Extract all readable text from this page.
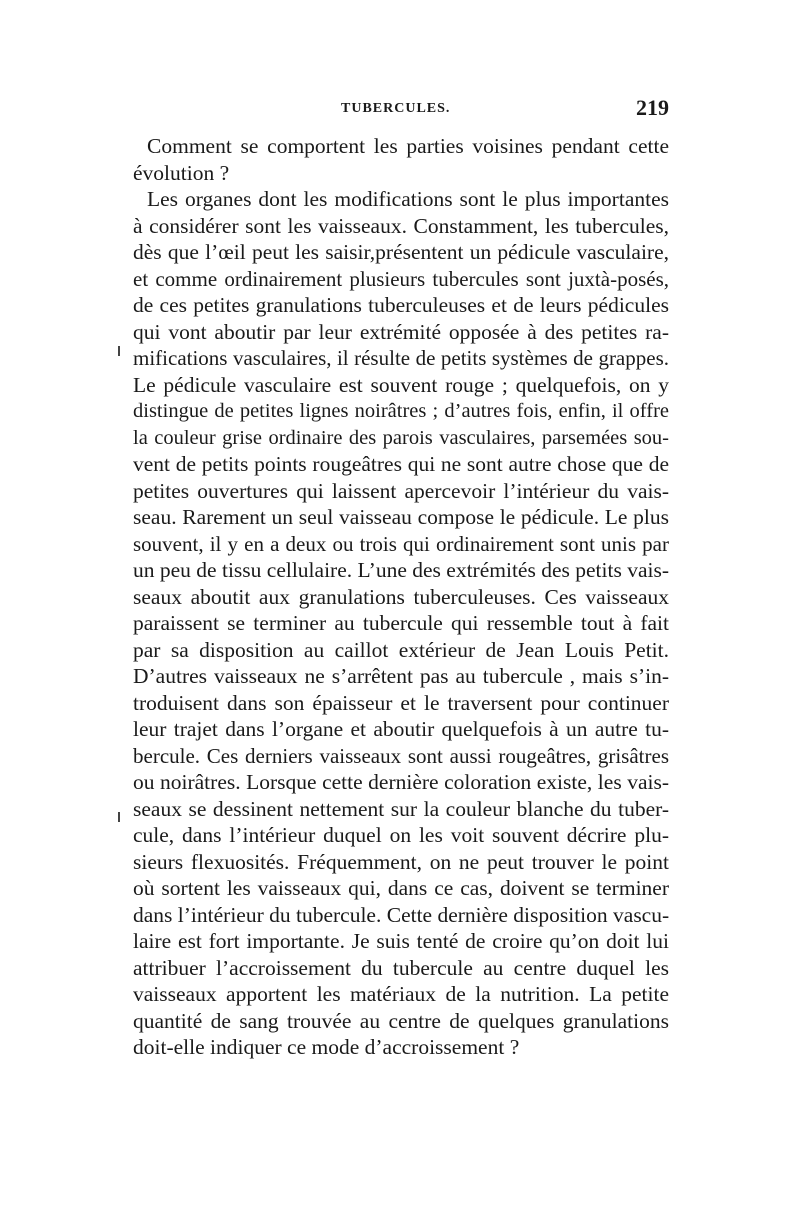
TUBERCULES.	219
Comment se comportent les parties voisines pendant cette
évolution ?
Les organes dont les modifications sont le plus importantes
à considérer sont les vaisseaux. Constamment, les tubercules,
dès que l’œil peut les saisir,présentent un pédicule vasculaire,
et comme ordinairement plusieurs tubercules sont juxtà-posés,
de ces petites granulations tuberculeuses et de leurs pédicules
qui vont aboutir par leur extrémité opposée à des petites ra-
mifications vasculaires, il résulte de petits systèmes de grappes.
Le pédicule vasculaire est souvent rouge ; quelquefois, on y
distingue de petites lignes noirâtres ; d’autres fois, enfin, il offre
la couleur grise ordinaire des parois vasculaires, parsemées sou-
vent de petits points rougeâtres qui ne sont autre chose que de
petites ouvertures qui laissent apercevoir l’intérieur du vais-
seau. Rarement un seul vaisseau compose le pédicule. Le plus
souvent, il y en a deux ou trois qui ordinairement sont unis par
un peu de tissu cellulaire. L’une des extrémités des petits vais-
seaux aboutit aux granulations tuberculeuses. Ces vaisseaux
paraissent se terminer au tubercule qui ressemble tout à fait
par sa disposition au caillot extérieur de Jean Louis Petit.
D’autres vaisseaux ne s’arrêtent pas au tubercule , mais s’in-
troduisent dans son épaisseur et le traversent pour continuer
leur trajet dans l’organe et aboutir quelquefois à un autre tu-
bercule. Ces derniers vaisseaux sont aussi rougeâtres, grisâtres
ou noirâtres. Lorsque cette dernière coloration existe, les vais-
seaux se dessinent nettement sur la couleur blanche du tuber-
cule, dans l’intérieur duquel on les voit souvent décrire plu-
sieurs flexuosités. Fréquemment, on ne peut trouver le point
où sortent les vaisseaux qui, dans ce cas, doivent se terminer
dans l’intérieur du tubercule. Cette dernière disposition vascu-
laire est fort importante. Je suis tenté de croire qu’on doit lui
attribuer l’accroissement du tubercule au centre duquel les
vaisseaux apportent les matériaux de la nutrition. La petite
quantité de sang trouvée au centre de quelques granulations
doit-elle indiquer ce mode d’accroissement ?
